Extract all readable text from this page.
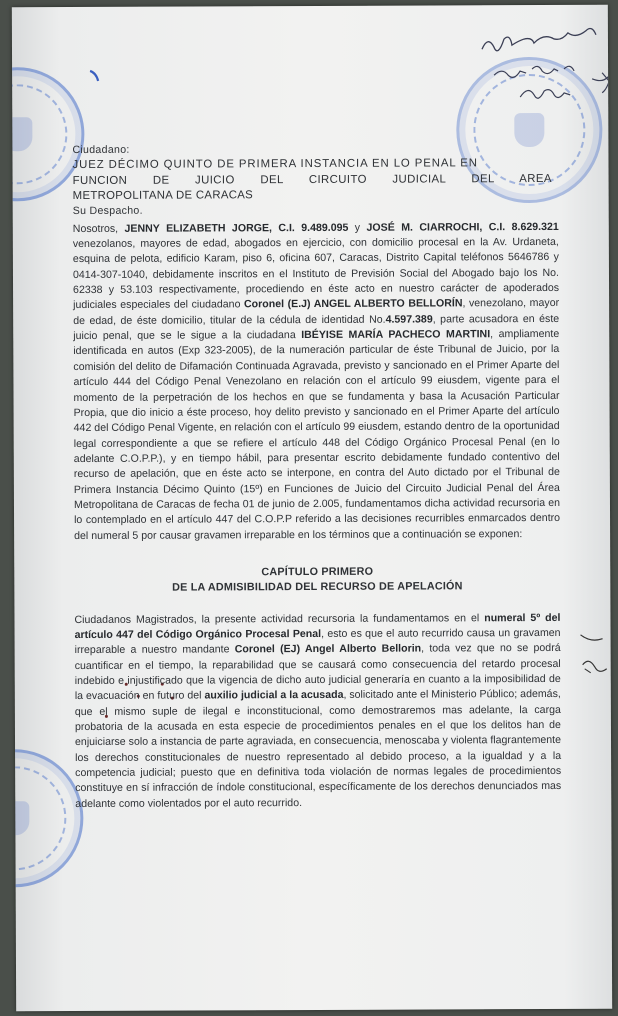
Ciudadano:
JUEZ DÉCIMO QUINTO DE PRIMERA INSTANCIA EN LO PENAL EN
FUNCION DE JUICIO DEL CIRCUITO JUDICIAL DEL AREA
METROPOLITANA DE CARACAS
Su Despacho.

Nosotros, JENNY ELIZABETH JORGE, C.I. 9.489.095 y JOSÉ M. CIARROCHI, C.I. 8.629.321 venezolanos, mayores de edad, abogados en ejercicio, con domicilio procesal en la Av. Urdaneta, esquina de pelota, edificio Karam, piso 6, oficina 607, Caracas, Distrito Capital teléfonos 5646786 y 0414-307-1040, debidamente inscritos en el Instituto de Previsión Social del Abogado bajo los No. 62338 y 53.103 respectivamente, procediendo en éste acto en nuestro carácter de apoderados judiciales especiales del ciudadano Coronel (E.J) ANGEL ALBERTO BELLORÍN, venezolano, mayor de edad, de éste domicilio, titular de la cédula de identidad No.4.597.389, parte acusadora en éste juicio penal, que se le sigue a la ciudadana IBÉYISE MARÍA PACHECO MARTINI, ampliamente identificada en autos (Exp 323-2005), de la numeración particular de éste Tribunal de Juicio, por la comisión del delito de Difamación Continuada Agravada, previsto y sancionado en el Primer Aparte del artículo 444 del Código Penal Venezolano en relación con el artículo 99 eiusdem, vigente para el momento de la perpetración de los hechos en que se fundamenta y basa la Acusación Particular Propia, que dio inicio a éste proceso, hoy delito previsto y sancionado en el Primer Aparte del artículo 442 del Código Penal Vigente, en relación con el artículo 99 eiusdem, estando dentro de la oportunidad legal correspondiente a que se refiere el artículo 448 del Código Orgánico Procesal Penal (en lo adelante C.O.P.P.), y en tiempo hábil, para presentar escrito debidamente fundado contentivo del recurso de apelación, que en éste acto se interpone, en contra del Auto dictado por el Tribunal de Primera Instancia Décimo Quinto (15º) en Funciones de Juicio del Circuito Judicial Penal del Área Metropolitana de Caracas de fecha 01 de junio de 2.005, fundamentamos dicha actividad recursoria en lo contemplado en el artículo 447 del C.O.P.P referido a las decisiones recurribles enmarcados dentro del numeral 5 por causar gravamen irreparable en los términos que a continuación se exponen:

CAPÍTULO PRIMERO

DE LA ADMISIBILIDAD DEL RECURSO DE APELACIÓN

Ciudadanos Magistrados, la presente actividad recursoria la fundamentamos en el numeral 5º del artículo 447 del Código Orgánico Procesal Penal, esto es que el auto recurrido causa un gravamen irreparable a nuestro mandante Coronel (EJ) Angel Alberto Bellorin, toda vez que no se podrá cuantificar en el tiempo, la reparabilidad que se causará como consecuencia del retardo procesal indebido e injustificado que la vigencia de dicho auto judicial generaría en cuanto a la imposibilidad de la evacuación en futuro del auxilio judicial a la acusada, solicitado ante el Ministerio Público; además, que el mismo suple de ilegal e inconstitucional, como demostraremos mas adelante, la carga probatoria de la acusada en esta especie de procedimientos penales en el que los delitos han de enjuiciarse solo a instancia de parte agraviada, en consecuencia, menoscaba y violenta flagrantemente los derechos constitucionales de nuestro representado al debido proceso, a la igualdad y a la competencia judicial; puesto que en definitiva toda violación de normas legales de procedimientos constituye en sí infracción de índole constitucional, específicamente de los derechos denunciados mas adelante como violentados por el auto recurrido.
